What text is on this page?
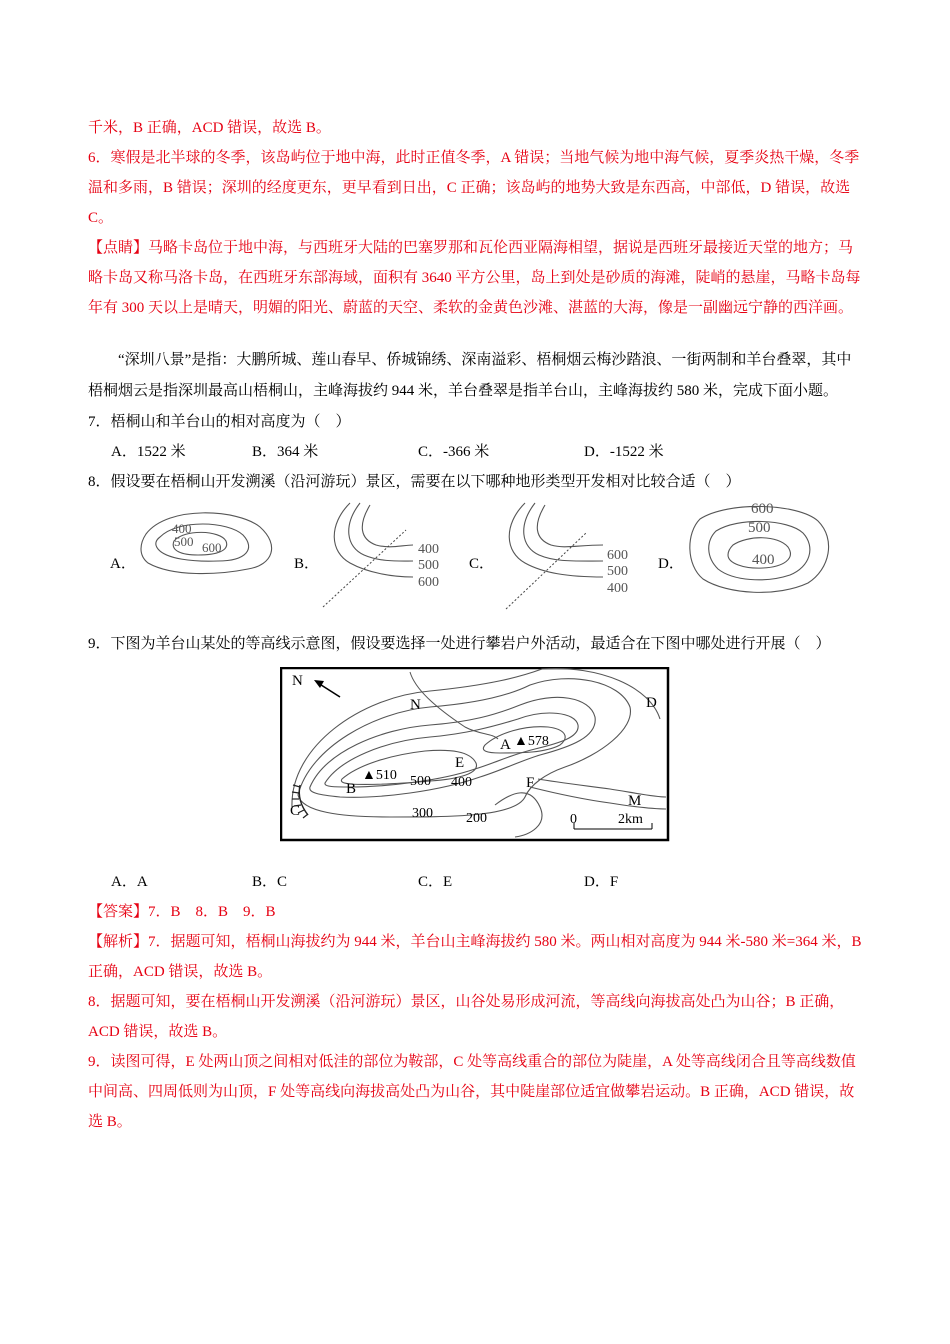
千米，B 正确，ACD 错误，故选 B。

6．寒假是北半球的冬季，该岛屿位于地中海，此时正值冬季，A 错误；当地气候为地中海气候，夏季炎热干燥，冬季温和多雨，B 错误；深圳的经度更东，更早看到日出，C 正确；该岛屿的地势大致是东西高，中部低，D 错误，故选 C。

【点睛】马略卡岛位于地中海，与西班牙大陆的巴塞罗那和瓦伦西亚隔海相望，据说是西班牙最接近天堂的地方；马略卡岛又称马洛卡岛，在西班牙东部海域，面积有 3640 平方公里，岛上到处是砂质的海滩，陡峭的悬崖，马略卡岛每年有 300 天以上是晴天，明媚的阳光、蔚蓝的天空、柔软的金黄色沙滩、湛蓝的大海，像是一副幽远宁静的西洋画。

“深圳八景”是指：大鹏所城、莲山春早、侨城锦绣、深南溢彩、梧桐烟云梅沙踏浪、一街两制和羊台叠翠，其中梧桐烟云是指深圳最高山梧桐山，主峰海拔约 944 米，羊台叠翠是指羊台山，主峰海拔约 580 米，完成下面小题。

7．梧桐山和羊台山的相对高度为（　）

A．1522 米	B．364 米	C．-366 米	D．-1522 米

8．假设要在梧桐山开发溯溪（沿河游玩）景区，需要在以下哪种地形类型开发相对比较合适（　）

A．
400
500 600
B．
400
500
600
C．
600
500
400
D．
600
500
400

9．下图为羊台山某处的等高线示意图，假设要选择一处进行攀岩户外活动，最适合在下图中哪处进行开展（　）

N
N	D
A ▲578
E
B
▲510 500 400
300 200
F
M
C
0	2km
A．A	B．C	C．E	D．F

【答案】7．B　8．B　9．B

【解析】7．据题可知，梧桐山海拔约为 944 米，羊台山主峰海拔约 580 米。两山相对高度为 944 米-580 米=364 米，B 正确，ACD 错误，故选 B。

8．据题可知，要在梧桐山开发溯溪（沿河游玩）景区，山谷处易形成河流，等高线向海拔高处凸为山谷；B 正确，ACD 错误，故选 B。

9．读图可得，E 处两山顶之间相对低洼的部位为鞍部，C 处等高线重合的部位为陡崖，A 处等高线闭合且等高线数值中间高、四周低则为山顶，F 处等高线向海拔高处凸为山谷，其中陡崖部位适宜做攀岩运动。B 正确，ACD 错误，故选 B。
